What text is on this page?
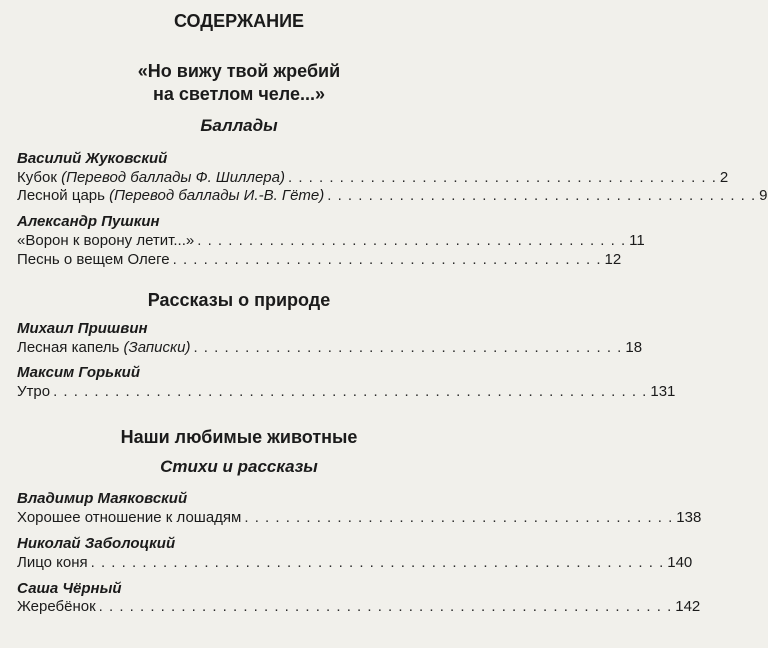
СОДЕРЖАНИЕ
«Но вижу твой жребий
на светлом челе...»
Баллады
Василий Жуковский
Кубок (Перевод баллады Ф. Шиллера) . . . . . . . . . . . . . . . . . . . . . . . . . . . . . . . . . . . . . . . . . . 2
Лесной царь (Перевод баллады И.-В. Гёте) . . . . . . . . . . . . . . . . . . . . . . . . . . . . . . . . . . . . . . . . . . 9
Александр Пушкин
«Ворон к ворону летит...» . . . . . . . . . . . . . . . . . . . . . . . . . . . . . . . . . . . . . . . . . . 11
Песнь о вещем Олеге . . . . . . . . . . . . . . . . . . . . . . . . . . . . . . . . . . . . . . . . . . 12
Рассказы о природе
Михаил Пришвин
Лесная капель (Записки) . . . . . . . . . . . . . . . . . . . . . . . . . . . . . . . . . . . . . . . . . . 18
Максим Горький
Утро . . . . . . . . . . . . . . . . . . . . . . . . . . . . . . . . . . . . . . . . . . . . . . . . . . . . . . . . . . 131
Наши любимые животные
Стихи и рассказы
Владимир Маяковский
Хорошее отношение к лошадям . . . . . . . . . . . . . . . . . . . . . . . . . . . . . . . . . . . . . . . . . . 138
Николай Заболоцкий
Лицо коня . . . . . . . . . . . . . . . . . . . . . . . . . . . . . . . . . . . . . . . . . . . . . . . . . . . . . . . . 140
Саша Чёрный
Жеребёнок . . . . . . . . . . . . . . . . . . . . . . . . . . . . . . . . . . . . . . . . . . . . . . . . . . . . . . . . 142
